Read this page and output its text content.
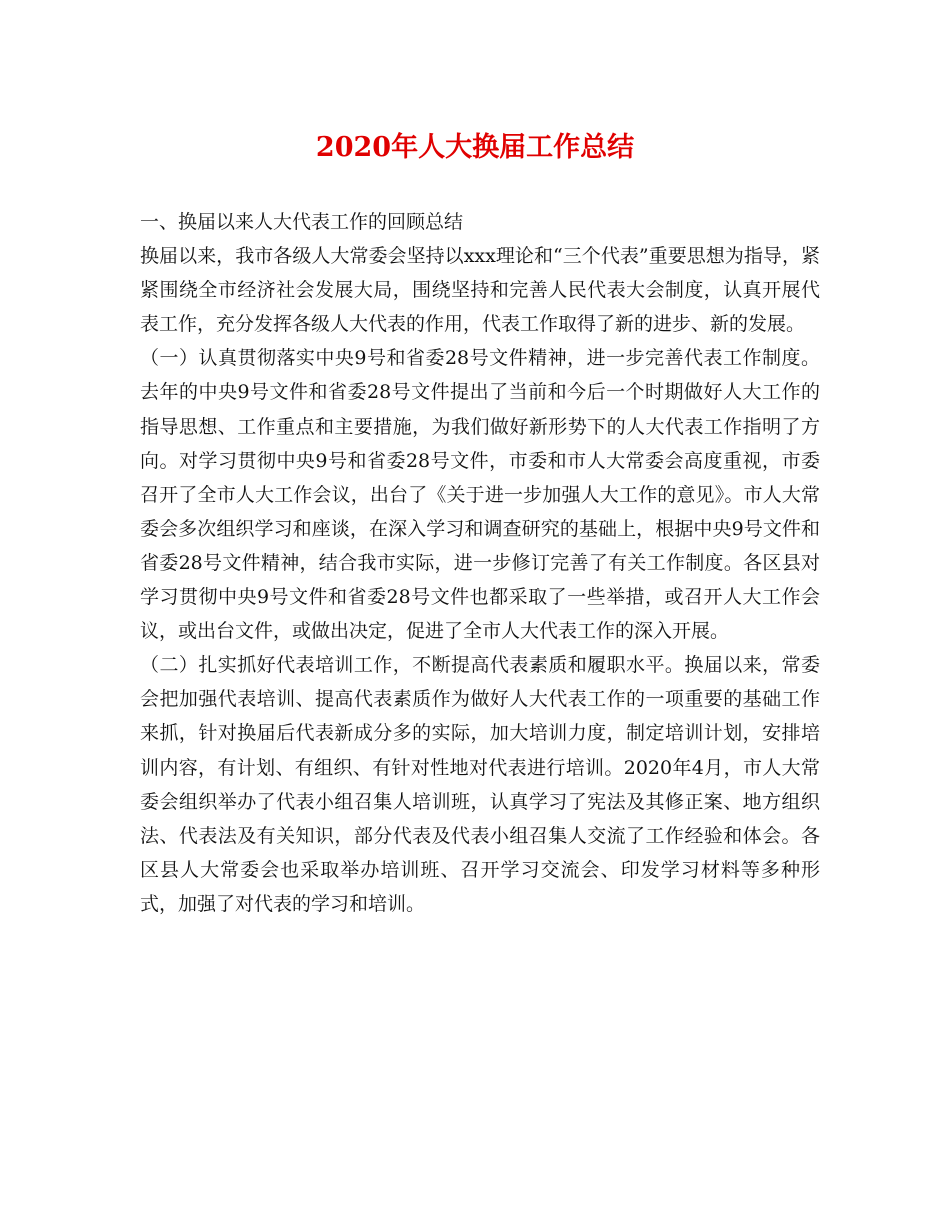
2020年人大换届工作总结

一、换届以来人大代表工作的回顾总结

换届以来，我市各级人大常委会坚持以xxx理论和“三个代表”重要思想为指导，紧紧围绕全市经济社会发展大局，围绕坚持和完善人民代表大会制度，认真开展代表工作，充分发挥各级人大代表的作用，代表工作取得了新的进步、新的发展。

（一）认真贯彻落实中央9号和省委28号文件精神，进一步完善代表工作制度。去年的中央9号文件和省委28号文件提出了当前和今后一个时期做好人大工作的指导思想、工作重点和主要措施，为我们做好新形势下的人大代表工作指明了方向。对学习贯彻中央9号和省委28号文件，市委和市人大常委会高度重视，市委召开了全市人大工作会议，出台了《关于进一步加强人大工作的意见》。市人大常委会多次组织学习和座谈，在深入学习和调查研究的基础上，根据中央9号文件和省委28号文件精神，结合我市实际，进一步修订完善了有关工作制度。各区县对学习贯彻中央9号文件和省委28号文件也都采取了一些举措，或召开人大工作会议，或出台文件，或做出决定，促进了全市人大代表工作的深入开展。

（二）扎实抓好代表培训工作，不断提高代表素质和履职水平。换届以来，常委会把加强代表培训、提高代表素质作为做好人大代表工作的一项重要的基础工作来抓，针对换届后代表新成分多的实际，加大培训力度，制定培训计划，安排培训内容，有计划、有组织、有针对性地对代表进行培训。2020年4月，市人大常委会组织举办了代表小组召集人培训班，认真学习了宪法及其修正案、地方组织法、代表法及有关知识，部分代表及代表小组召集人交流了工作经验和体会。各区县人大常委会也采取举办培训班、召开学习交流会、印发学习材料等多种形式，加强了对代表的学习和培训。
